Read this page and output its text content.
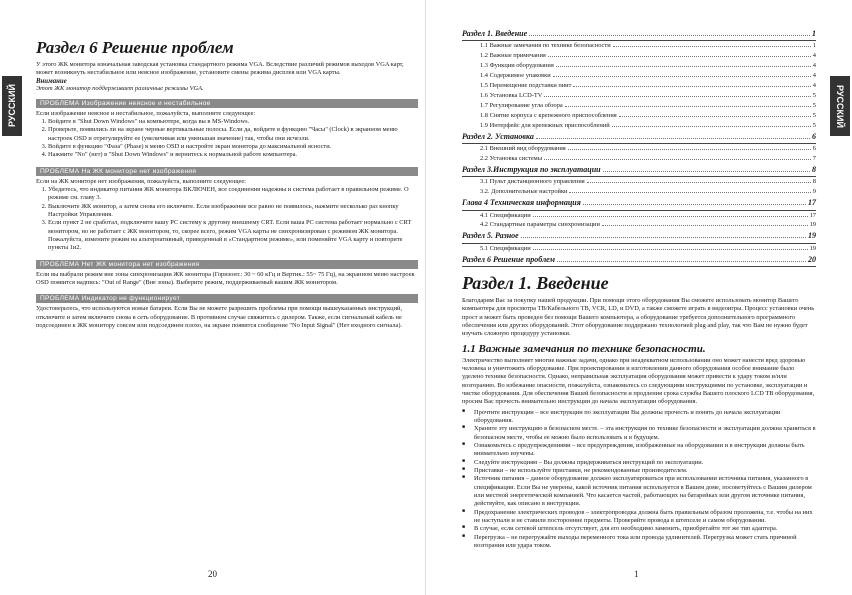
РУССКИЙ
Раздел 6 Решение проблем

У этого ЖК монитора изначальная заводская установка стандартного режима VGA. Вследствие различий режимов выходов VGA карт, может возникнуть нестабильное или неясное изображение, установите смены режима дисплея или VGA карты.

Внимание
Этот ЖК монитор поддерживает различные режимы VGA.
ПРОБЛЕМА Изображение неясное и нестабильное

Если изображение неясное и нестабильное, пожалуйста, выполните следующее:

1. Войдите в "Shut Down Windows" на компьютере, когда вы в MS-Windows.
2. Проверьте, появились ли на экране черные вертикальные полосы. Если да, войдите в функцию "Часы" (Clock) в экранном меню настроек OSD и отрегулируйте ее (увеличивая или уменьшая значение) так, чтобы они исчезли.
3. Войдите в функцию "Фаза" (Phase) в меню OSD и настройте экран монитора до максимальной ясности.
4. Нажмите "No" (нет) в "Shut Down Windows" и вернитесь к нормальной работе компьютера.
ПРОБЛЕМА На ЖК мониторе нет изображения

Если на ЖК мониторе нет изображения, пожалуйста, выполните следующее:

1. Убедитесь, что индикатор питания ЖК монитора ВКЛЮЧЕН, все соединения надежны и система работает в правильном режиме. О режиме см. главу 3.
2. Выключите ЖК монитор, а затем снова его включите. Если изображение все равно не появилось, нажмите несколько раз кнопку Настройки Управления.
3. Если пункт 2 не сработал, подключите вашу PC систему к другому внешнему CRT. Если ваша PC система работает нормально с CRT монитором, но не работает с ЖК монитором, то, скорее всего, режим VGA карты не синхронизирован с режимом ЖК монитора. Пожалуйста, измените режим на альтернативный, приведенный в «Стандартном режиме», или поменяйте VGA карту и повторите пункты 1и2.
ПРОБЛЕМА Нет ЖК монитора нет изображения

Если вы выбрали режим вне зоны синхронизации ЖК монитора (Горизонт.: 30 ~ 60 кГц и Вертик.: 55~ 75 Гц), на экранном меню настроек OSD появится надпись: "Out of Range" (Вне зоны). Выберите режим, поддерживаемый вашим ЖК монитором.

ПРОБЛЕМА Индикатор не функционирует

Удостоверьтесь, что используются новые батареи. Если Вы не можете разрешить проблемы при помощи вышеуказанных инструкций, отключите и затем включите снова в сеть оборудование. В противном случае свяжитесь с дилером. Также, если сигнальный кабель не подсоединен к ЖК монитору совсем или подсоединен плохо, на экране появится сообщение "No Input Signal" (Нет входного сигнала).

20
РУССКИЙ
Раздел 1. Введение	1
1.1 Важные замечания по технике безопасности	1
1.2 Важные примечания	4
1.3 Функции оборудования	4
1.4 Содержимое упаковки	4
1.5 Перемещение подставки пиит	4
1.6 Установка LCD-TV	5
1.7 Регулирование угла обзора	5
1.8 Снятие корпуса с крепежного приспособления	5
1.9 Интерфейс для крепежных приспособлений	5
Раздел 2. Установка	6
2.1 Внешний вид оборудования	6
2.2 Установка системы	7
Раздел 3.Инструкция по эксплуатации	8
3.1 Пульт дистанционного управления	8
3.2. Дополнительные настройки	9
Глава 4 Техническая информация	17
4.1 Спецификации	17
4.2 Стандартные параметры синхронизации	19
Раздел 5. Разное	19
5.1 Спецификации	19
Раздел 6 Решение проблем	20
Раздел 1. Введение

Благодарим Вас за покупку нашей продукции. При помощи этого оборудования Вы сможете использовать монитор Вашего компьютера для просмотра ТВ/Кабельного ТВ, VCR, LD, и DVD, а также сможете играть в видеоигры. Процесс установки очень прост и может быть проведен без помощи Вашего компьютера, а оборудование требуется дополнительного программного обеспечения или других оборудований. Этот оборудование поддержано технологией plug and play, так что Вам не нужно будет изучать сложную процедуру установки.

1.1 Важные замечания по технике безопасности.

Электричество выполняет многие важные задачи, однако при неадекватном использовании оно может нанести вред здоровью человека и уничтожить оборудование. При проектировании и изготовлении данного оборудования особое внимание было уделено технике безопасности. Однако, неправильная эксплуатация оборудования может привести к удару током и/или возгоранию. Во избежание опасности, пожалуйста, ознакомьтесь со следующими инструкциями по установке, эксплуатации и чистке оборудования. Для обеспечения Вашей безопасности и продления срока службы Вашего плоского LCD TB оборудования, просим Вас прочесть внимательно инструкции до начала эксплуатации оборудования.

■ Прочтите инструкции – все инструкции по эксплуатации Вы должны прочесть и понять до начала эксплуатации оборудования.
■ Храните эту инструкцию в безопасном месте. – эта инструкция по технике безопасности и эксплуатации должна храниться в безопасном месте, чтобы ее можно было использовать и в будущем.
■ Ознакомьтесь с предупреждениями – все предупреждения, изображенные на оборудовании и в инструкции должны быть внимательно изучены.
■ Следуйте инструкциям – Вы должны придерживаться инструкций по эксплуатации.
■ Приставки – не используйте приставки, не рекомендованные производителем.
■ Источник питания – данное оборудование должно эксплуатироваться при использовании источника питания, указанного в спецификации. Если Вы не уверены, какой источник питания используется в Вашем доме, посоветуйтесь с Вашим дилером или местной энергетической компанией. Что касается частей, работающих на батарейках или другом источнике питания, действуйте, как описано в инструкции.
■ Предохранение электрических проводов – электропроводка должна быть правильным образом проложена, т.е. чтобы на них не наступали и не ставили посторонние предметы. Проверяйте провода в штепселе и самом оборудовании.
■ В случае, если сетевой штепсель отсутствует, для его необходимо заменить, приобретайте тот же тип адаптера.
■ Перегрузка – не перегружайте выходы переменного тока или провода удлинителей. Перегрузка может стать причиной возгорания или удара током.
1
